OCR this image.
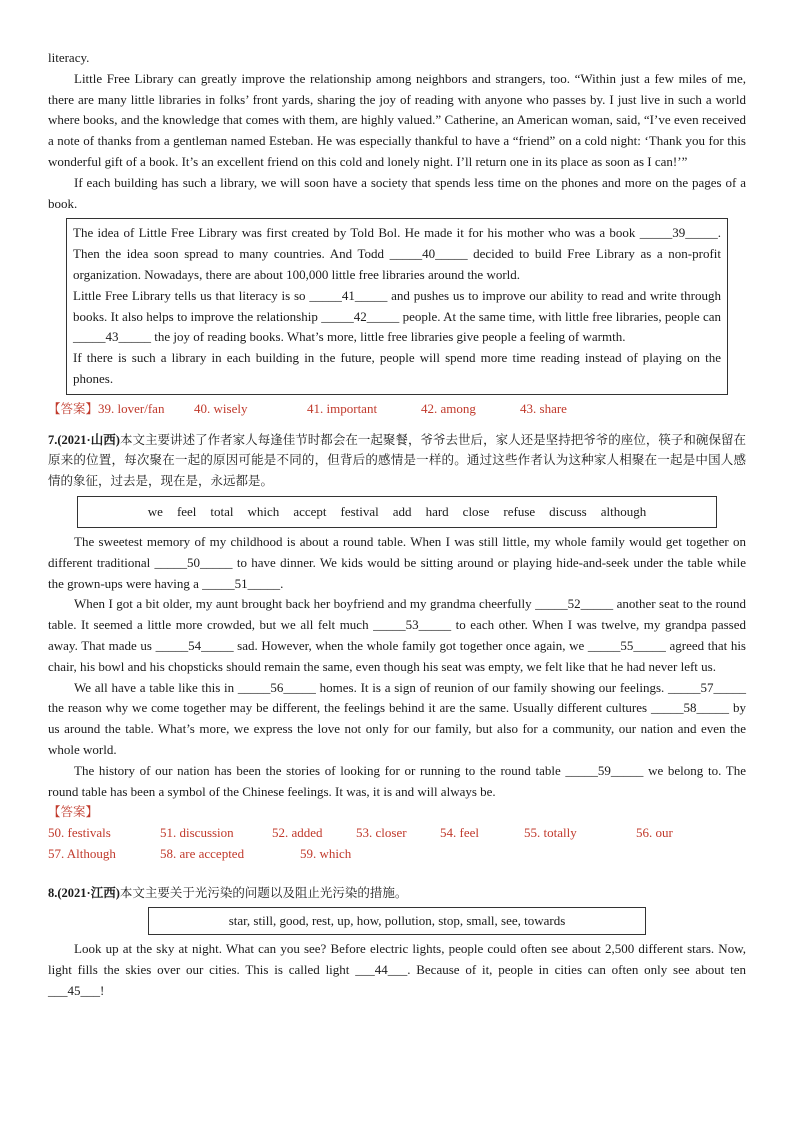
literacy.

Little Free Library can greatly improve the relationship among neighbors and strangers, too. “Within just a few miles of me, there are many little libraries in folks’ front yards, sharing the joy of reading with anyone who passes by. I just live in such a world where books, and the knowledge that comes with them, are highly valued.” Catherine, an American woman, said, “I’ve even received a note of thanks from a gentleman named Esteban. He was especially thankful to have a “friend” on a cold night: ‘Thank you for this wonderful gift of a book. It’s an excellent friend on this cold and lonely night. I’ll return one in its place as soon as I can!’”

If each building has such a library, we will soon have a society that spends less time on the phones and more on the pages of a book.

The idea of Little Free Library was first created by Told Bol. He made it for his mother who was a book _____39_____. Then the idea soon spread to many countries. And Todd _____40_____ decided to build Free Library as a non-profit organization. Nowadays, there are about 100,000 little free libraries around the world.

Little Free Library tells us that literacy is so _____41_____ and pushes us to improve our ability to read and write through books. It also helps to improve the relationship _____42_____ people. At the same time, with little free libraries, people can _____43_____ the joy of reading books. What’s more, little free libraries give people a feeling of warmth.

If there is such a library in each building in the future, people will spend more time reading instead of playing on the phones.

【答案】 39. lover/fan	40. wisely	41. important	42. among	43. share

7.(2021·山西)本文主要讲述了作者家人每逢佳节时都会在一起聚餐，爷爷去世后，家人还是坚持把爷爷的座位，筷子和碗保留在原来的位置，每次聚在一起的原因可能是不同的，但背后的感情是一样的。通过这些作者认为这种家人相聚在一起是中国人感情的象征，过去是，现在是，永远都是。

we feel total which accept festival add hard close refuse discuss although

The sweetest memory of my childhood is about a round table. When I was still little, my whole family would get together on different traditional _____50_____ to have dinner. We kids would be sitting around or playing hide-and-seek under the table while the grown-ups were having a _____51_____.

When I got a bit older, my aunt brought back her boyfriend and my grandma cheerfully _____52_____ another seat to the round table. It seemed a little more crowded, but we all felt much _____53_____ to each other. When I was twelve, my grandpa passed away. That made us _____54_____ sad. However, when the whole family got together once again, we _____55_____ agreed that his chair, his bowl and his chopsticks should remain the same, even though his seat was empty, we felt like that he had never left us.

We all have a table like this in _____56_____ homes. It is a sign of reunion of our family showing our feelings. _____57_____ the reason why we come together may be different, the feelings behind it are the same. Usually different cultures _____58_____ by us around the table. What’s more, we express the love not only for our family, but also for a community, our nation and even the whole world.

The history of our nation has been the stories of looking for or running to the round table _____59_____ we belong to. The round table has been a symbol of the Chinese feelings. It was, it is and will always be.

【答案】
50. festivals	51. discussion	52. added	53. closer	54. feel	55. totally	56. our
57. Although	58. are accepted	59. which

8.(2021·江西)本文主要关于光污染的问题以及阻止光污染的措施。

star, still, good, rest, up, how, pollution, stop, small, see, towards

Look up at the sky at night. What can you see? Before electric lights, people could often see about 2,500 different stars. Now, light fills the skies over our cities. This is called light ___44___. Because of it, people in cities can often only see about ten ___45___!
